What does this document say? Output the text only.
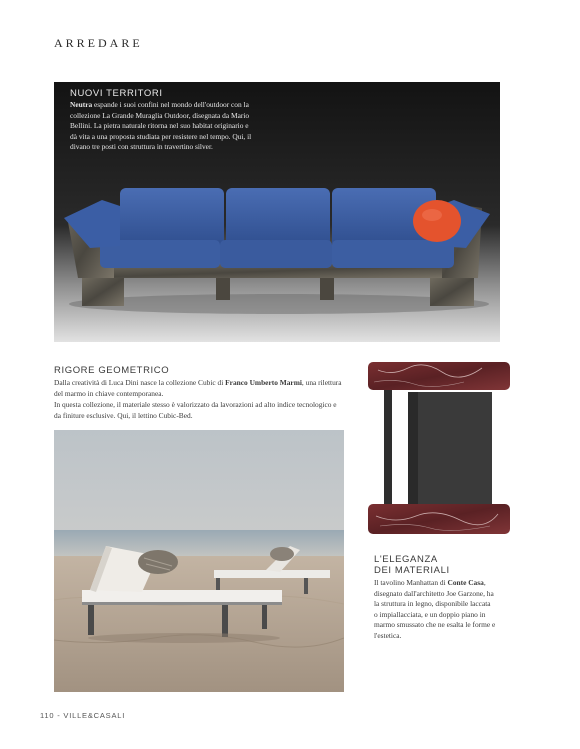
ARREDARE
NUOVI TERRITORI

Neutra espande i suoi confini nel mondo dell'outdoor con la collezione La Grande Muraglia Outdoor, disegnata da Mario Bellini. La pietra naturale ritorna nel suo habitat originario e dà vita a una proposta studiata per resistere nel tempo. Qui, il divano tre posti con struttura in travertino silver.

RIGORE GEOMETRICO

Dalla creatività di Luca Dini nasce la collezione Cubic di Franco Umberto Marmi, una rilettura del marmo in chiave contemporanea.

In questa collezione, il materiale stesso è valorizzato da lavorazioni ad alto indice tecnologico e da finiture esclusive. Qui, il lettino Cubic-Bed.

L'ELEGANZA
DEI MATERIALI

Il tavolino Manhattan di Conte Casa, disegnato dall'architetto Joe Garzone, ha la struttura in legno, disponibile laccata o impiallacciata, e un doppio piano in marmo smussato che ne esalta le forme e l'estetica.

110 - VILLE&CASALI
